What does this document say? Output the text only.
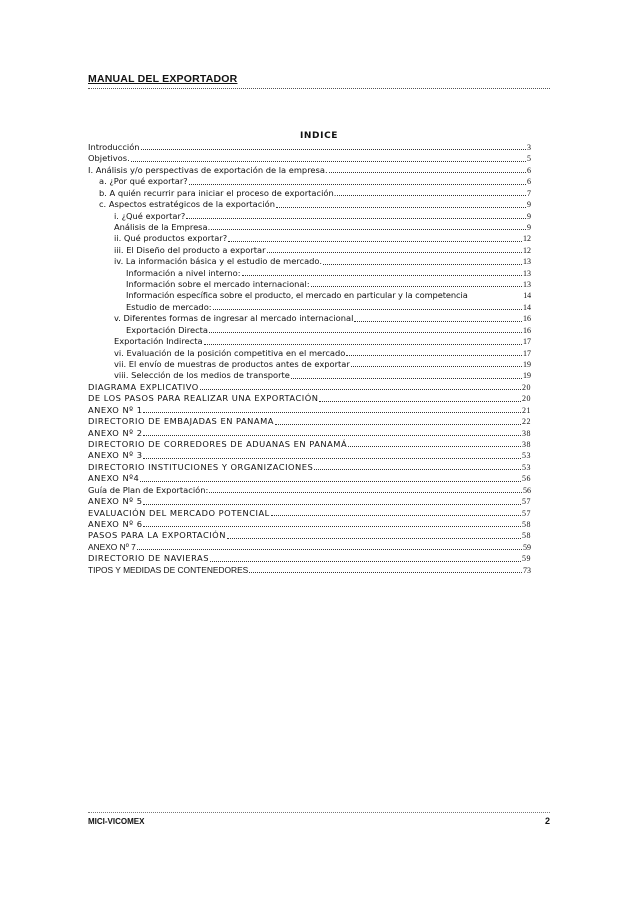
MANUAL DEL EXPORTADOR
INDICE
Introducción	3
Objetivos.	5
I. Análisis y/o perspectivas de exportación de la empresa.	6
a. ¿Por qué exportar?	6
b. A quién recurrir para iniciar el proceso de exportación.	7
c. Aspectos estratégicos de la exportación	9
i. ¿Qué exportar?	9
Análisis de la Empresa.	9
ii. Qué productos exportar?	12
iii. El Diseño del producto a exportar	12
iv. La información básica y el estudio de mercado.	13
Información a nivel interno:	13
Información sobre el mercado internacional:	13
Información específica sobre el producto, el mercado en particular y la competencia	14
Estudio de mercado:	14
v. Diferentes formas de ingresar al mercado internacional	16
Exportación Directa	16
Exportación Indirecta	17
vi. Evaluación de la posición competitiva en el mercado	17
vii. El envío de muestras de productos antes de exportar	19
viii. Selección de los medios de transporte	19
DIAGRAMA EXPLICATIVO	20
DE LOS PASOS PARA REALIZAR UNA EXPORTACIÓN	20
ANEXO Nº 1	21
DIRECTORIO DE EMBAJADAS EN PANAMA	22
ANEXO Nº 2	38
DIRECTORIO DE CORREDORES DE ADUANAS EN PANAMÁ	38
ANEXO Nº 3	53
DIRECTORIO INSTITUCIONES Y ORGANIZACIONES	53
ANEXO Nº4	56
Guía de Plan de Exportación:	56
ANEXO Nº 5	57
EVALUACIÓN DEL MERCADO POTENCIAL	57
ANEXO Nº 6	58
PASOS PARA LA EXPORTACIÓN	58
ANEXO Nº 7	59
DIRECTORIO DE NAVIERAS	59
TIPOS Y MEDIDAS DE CONTENEDORES	73
MICI-VICOMEX	2
